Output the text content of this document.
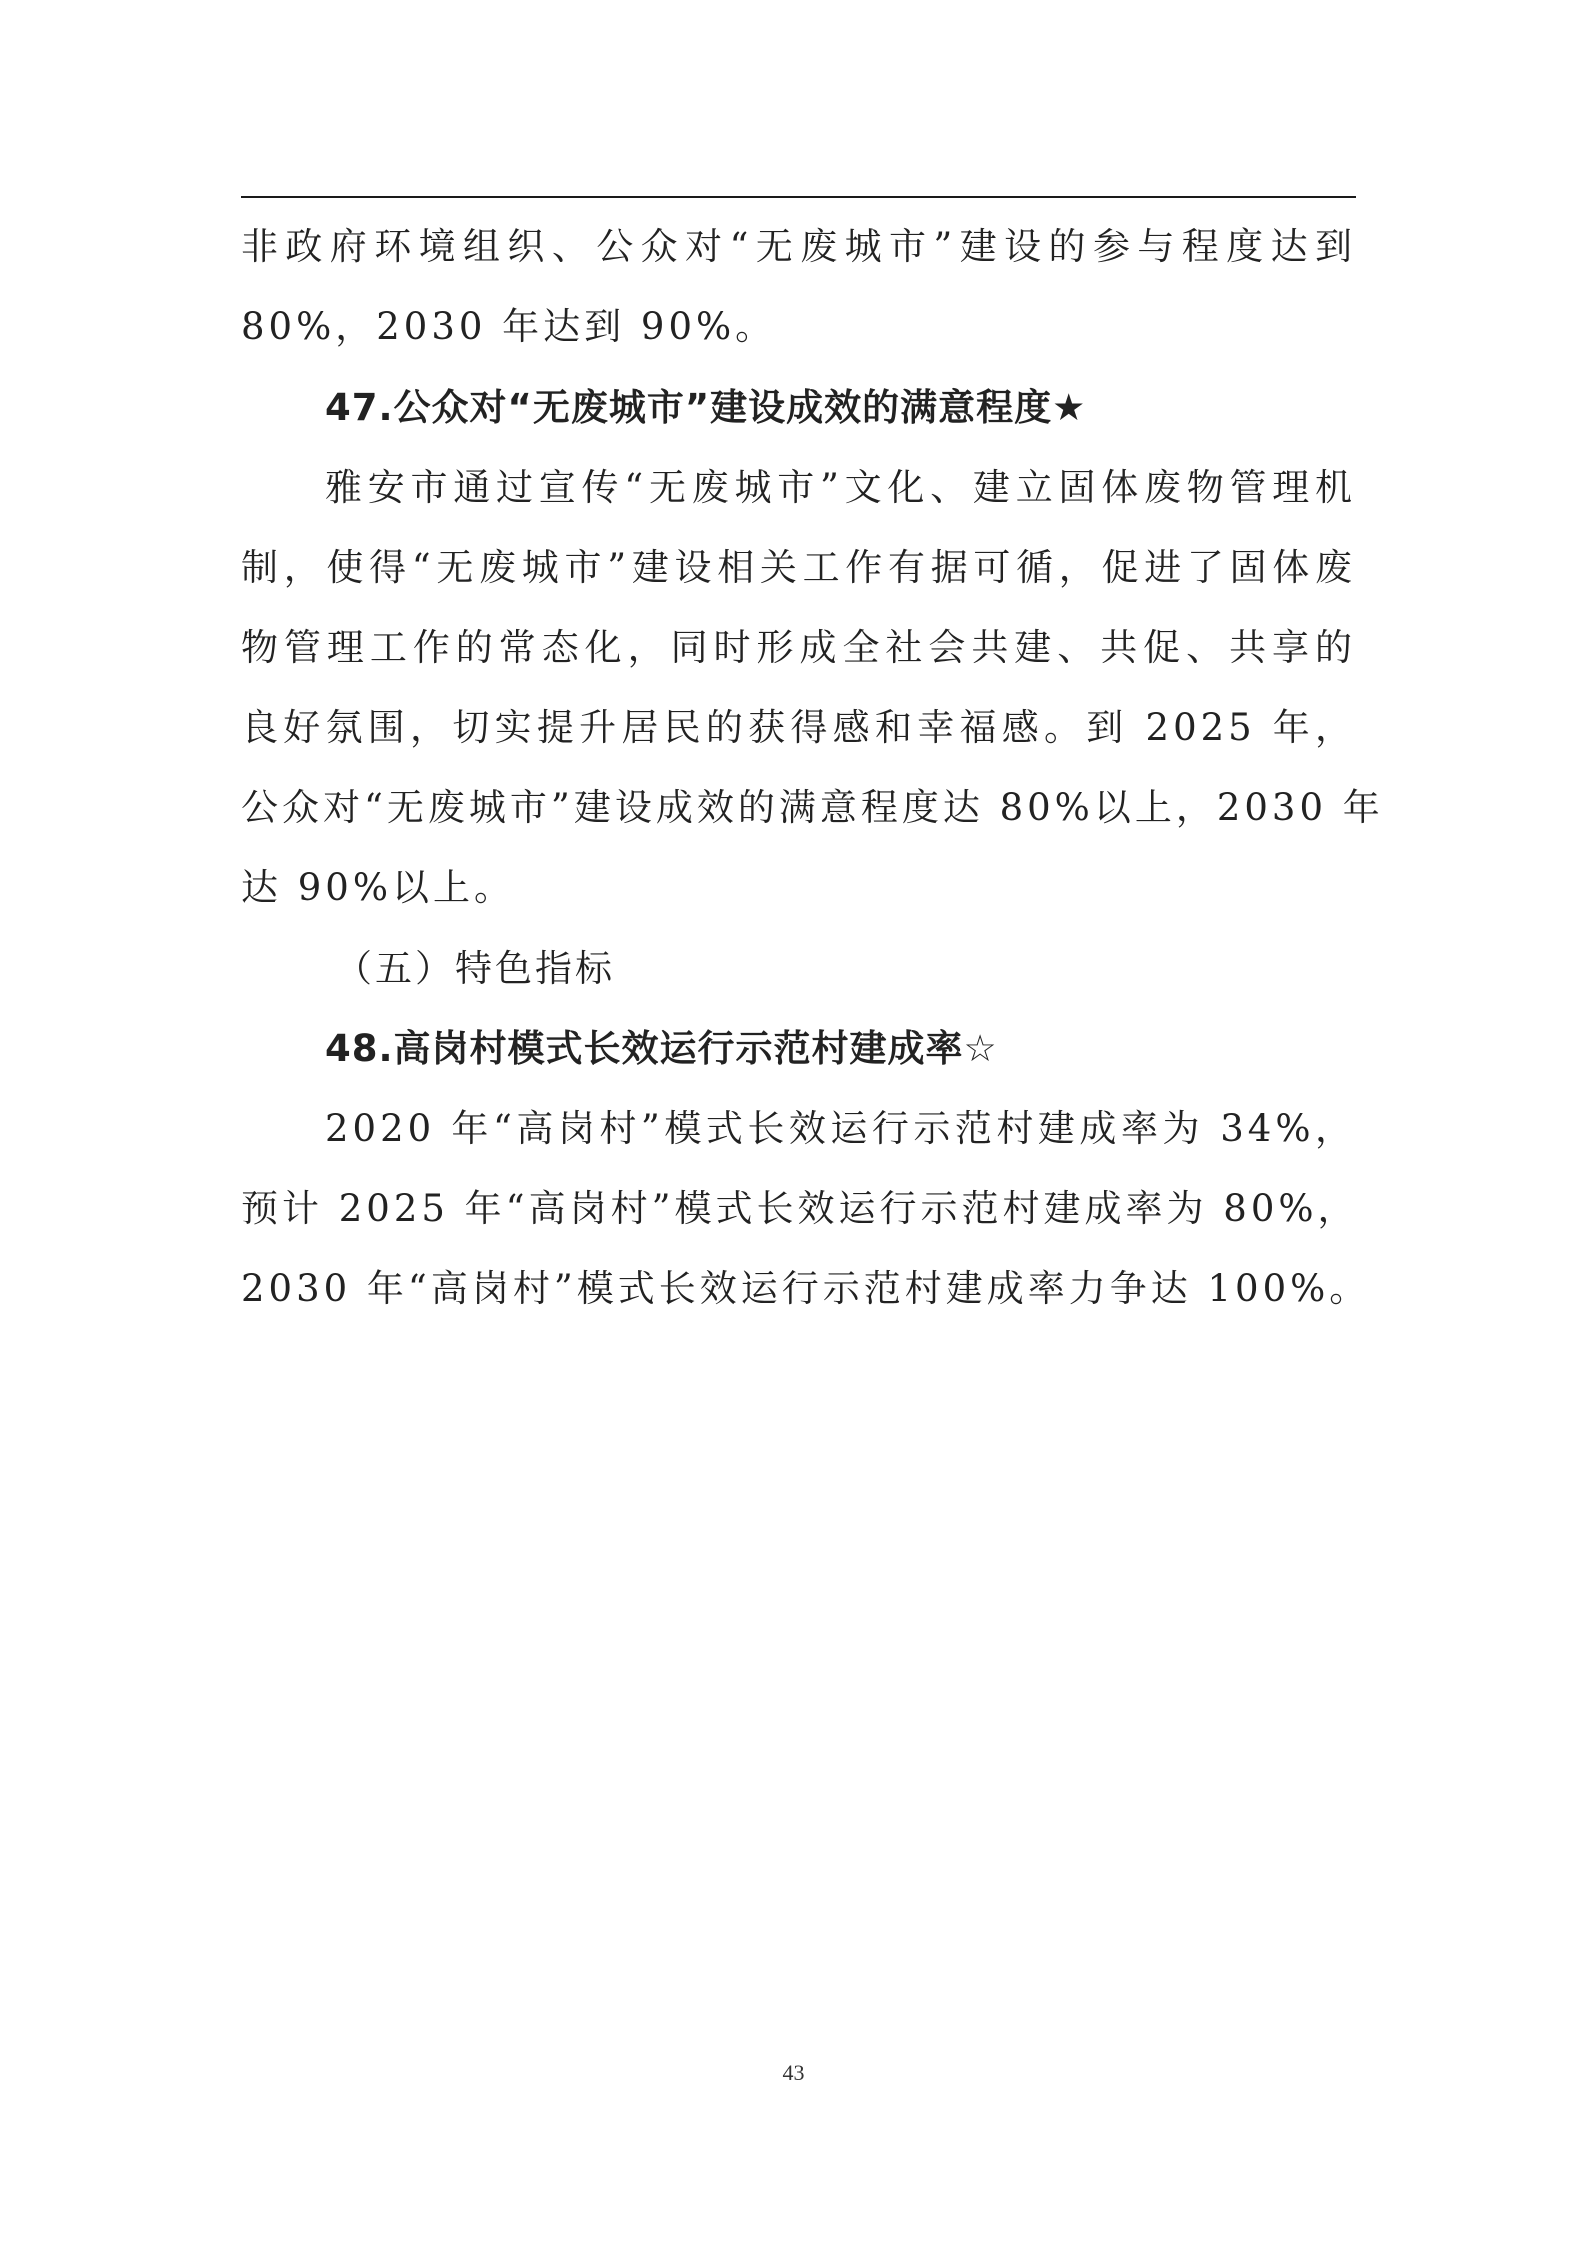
非政府环境组织、公众对“无废城市”建设的参与程度达到
80%，2030 年达到 90%。
47.公众对“无废城市”建设成效的满意程度★
雅安市通过宣传“无废城市”文化、建立固体废物管理机
制，使得“无废城市”建设相关工作有据可循，促进了固体废
物管理工作的常态化，同时形成全社会共建、共促、共享的
良好氛围，切实提升居民的获得感和幸福感。到 2025 年，
公众对“无废城市”建设成效的满意程度达 80%以上，2030 年
达 90%以上。
（五）特色指标
48.高岗村模式长效运行示范村建成率☆
2020 年“高岗村”模式长效运行示范村建成率为 34%，
预计 2025 年“高岗村”模式长效运行示范村建成率为 80%，
2030 年“高岗村”模式长效运行示范村建成率力争达 100%。
43
